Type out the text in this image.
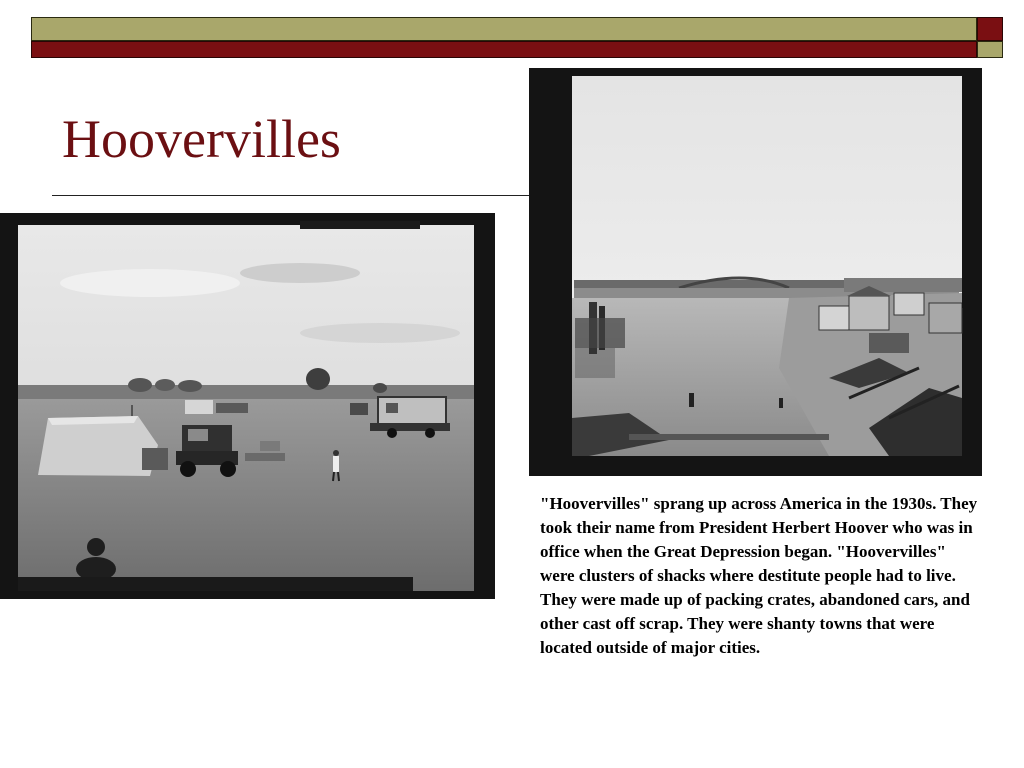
Hoovervilles

"Hoovervilles" sprang up across America in the 1930s. They took their name from President Herbert Hoover who was in office when the Great Depression began. "Hoovervilles" were clusters of shacks where destitute people had to live. They were made up of packing crates, abandoned cars, and other cast off scrap. They were shanty towns that were located outside of major cities.
